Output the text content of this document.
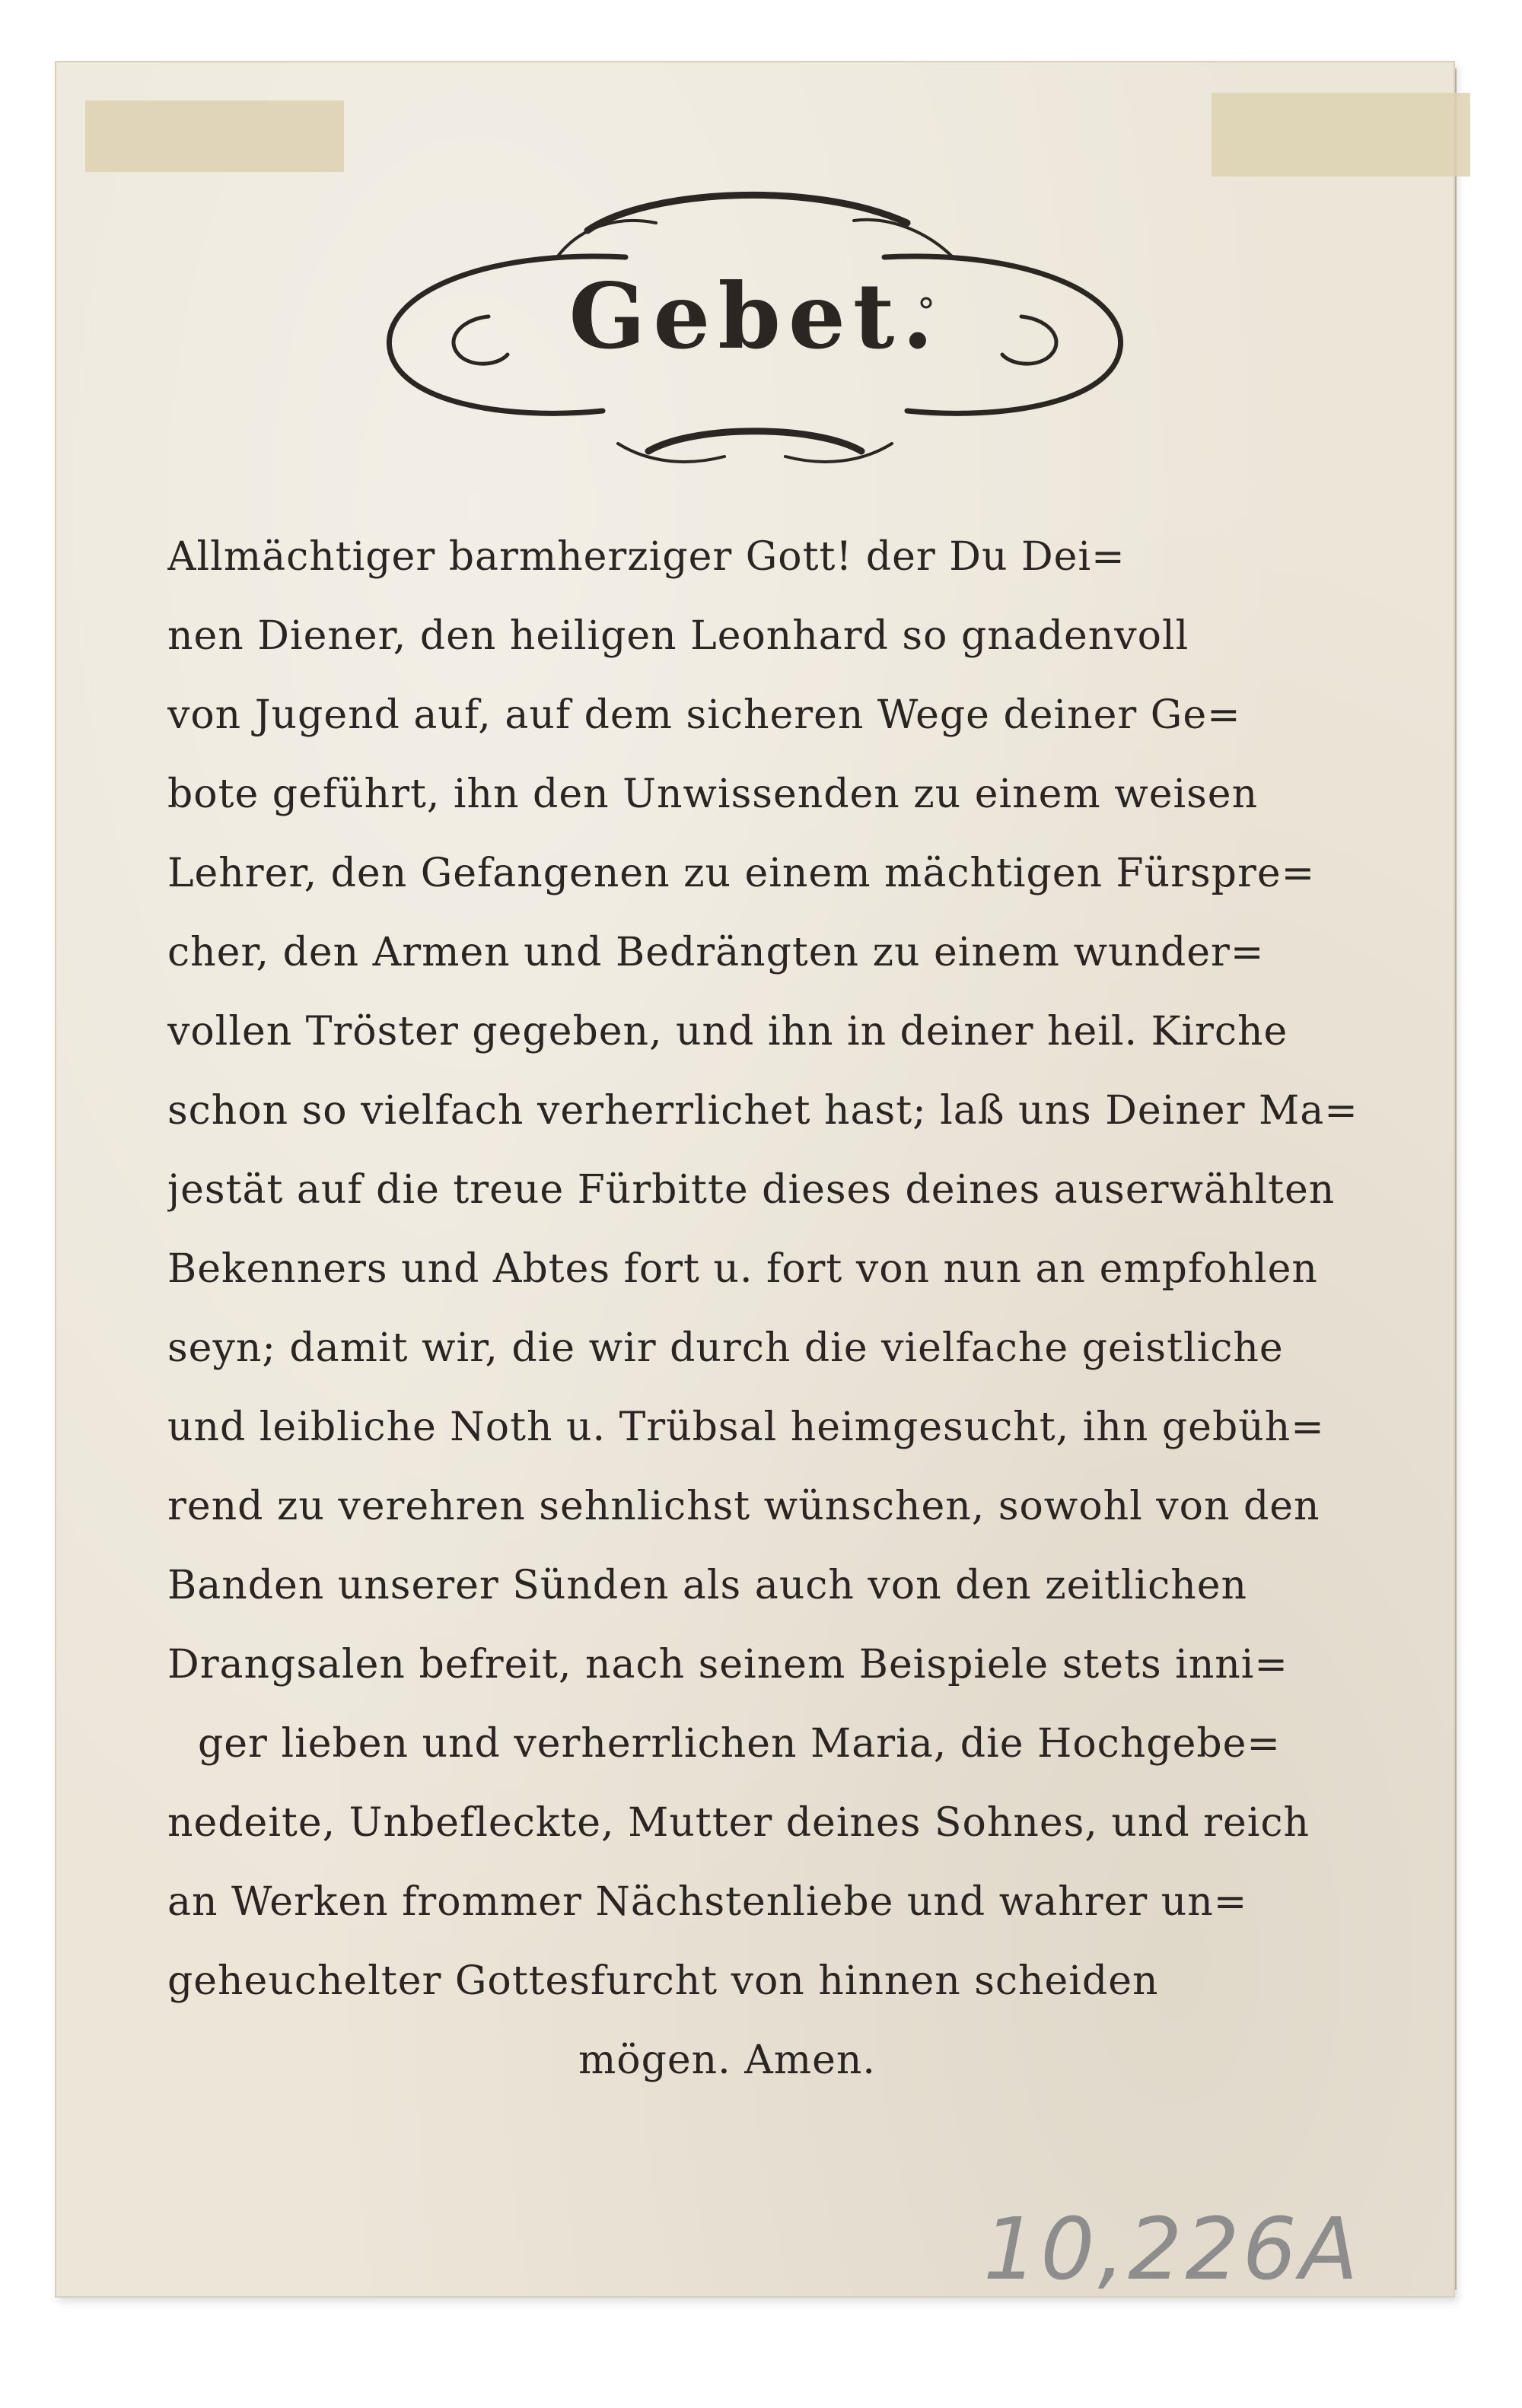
Gebet.
Allmächtiger barmherziger Gott! der Du Dei=
nen Diener, den heiligen Leonhard so gnadenvoll
von Jugend auf, auf dem sicheren Wege deiner Ge=
bote geführt, ihn den Unwissenden zu einem weisen
Lehrer, den Gefangenen zu einem mächtigen Fürspre=
cher, den Armen und Bedrängten zu einem wunder=
vollen Tröster gegeben, und ihn in deiner heil. Kirche
schon so vielfach verherrlichet hast; laß uns Deiner Ma=
jestät auf die treue Fürbitte dieses deines auserwählten
Bekenners und Abtes fort u. fort von nun an empfohlen
seyn; damit wir, die wir durch die vielfache geistliche
und leibliche Noth u. Trübsal heimgesucht, ihn gebüh=
rend zu verehren sehnlichst wünschen, sowohl von den
Banden unserer Sünden als auch von den zeitlichen
Drangsalen befreit, nach seinem Beispiele stets inni=
ger lieben und verherrlichen Maria, die Hochgebe=
nedeite, Unbefleckte, Mutter deines Sohnes, und reich
an Werken frommer Nächstenliebe und wahrer un=
geheuchelter Gottesfurcht von hinnen scheiden
mögen. Amen.
10,226A
